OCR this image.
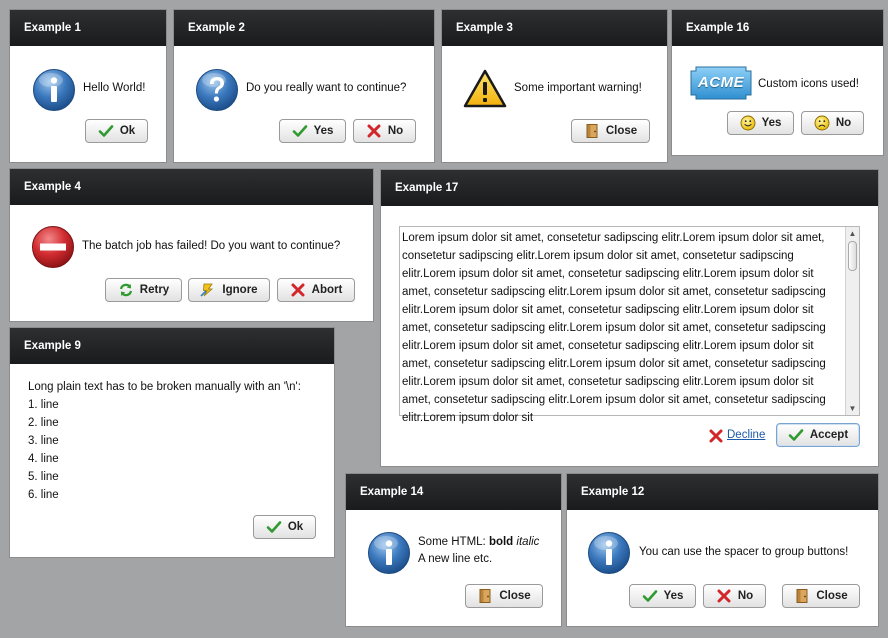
Example 1
Hello World!
Ok
Example 2
Do you really want to continue?
Yes	No
Example 3
Some important warning!
Close
Example 16
ACME	Custom icons used!
Yes	No
Example 4
The batch job has failed! Do you want to continue?
Retry	Ignore	Abort
Example 17
Lorem ipsum dolor sit amet, consetetur sadipscing elitr.Lorem ipsum dolor sit amet, consetetur sadipscing elitr.Lorem ipsum dolor sit amet, consetetur sadipscing elitr.Lorem ipsum dolor sit amet, consetetur sadipscing elitr.Lorem ipsum dolor sit amet, consetetur sadipscing elitr.Lorem ipsum dolor sit amet, consetetur sadipscing elitr.Lorem ipsum dolor sit amet, consetetur sadipscing elitr.Lorem ipsum dolor sit amet, consetetur sadipscing elitr.Lorem ipsum dolor sit amet, consetetur sadipscing elitr.Lorem ipsum dolor sit amet, consetetur sadipscing elitr.Lorem ipsum dolor sit amet, consetetur sadipscing elitr.Lorem ipsum dolor sit amet, consetetur sadipscing elitr.Lorem ipsum dolor sit amet, consetetur sadipscing elitr.Lorem ipsum dolor sit amet, consetetur sadipscing elitr.Lorem ipsum dolor sit amet, consetetur sadipscing elitr.Lorem ipsum dolor sit
▲
▼
Decline	Accept
Example 9
Long plain text has to be broken manually with an '\n':
1. line
2. line
3. line
4. line
5. line
6. line
Ok
Example 14
Some HTML: bold italic
A new line etc.
Close
Example 12
You can use the spacer to group buttons!
Yes	No	Close
